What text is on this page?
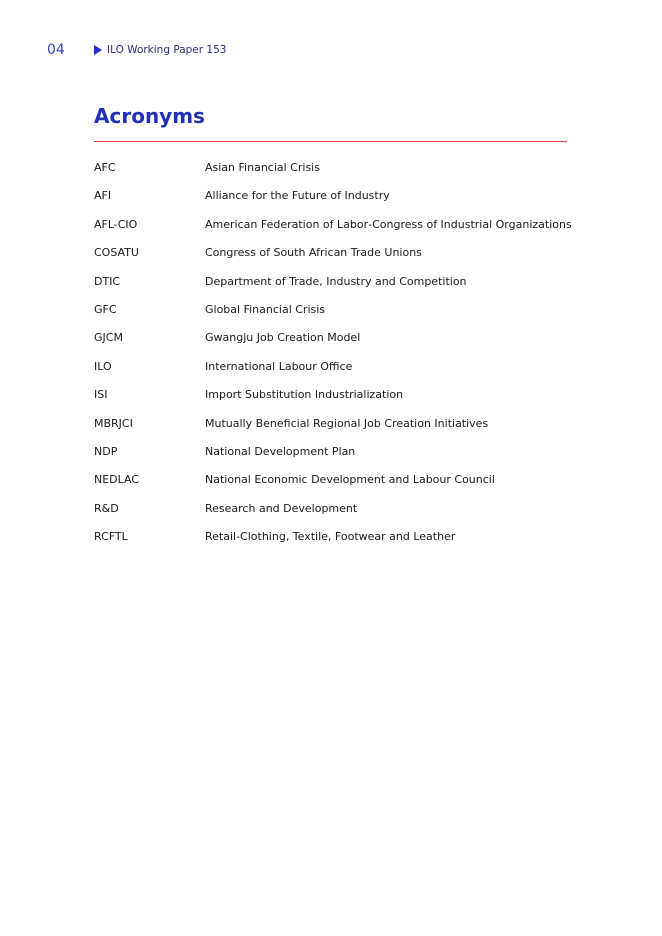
04	ILO Working Paper 153
Acronyms
AFC	Asian Financial Crisis
AFI	Alliance for the Future of Industry
AFL-CIO	American Federation of Labor‐Congress of Industrial Organizations
COSATU	Congress of South African Trade Unions
DTIC	Department of Trade, Industry and Competition
GFC	Global Financial Crisis
GJCM	Gwangju Job Creation Model
ILO	International Labour Office
ISI	Import Substitution Industrialization
MBRJCI	Mutually Beneficial Regional Job Creation Initiatives
NDP	National Development Plan
NEDLAC	National Economic Development and Labour Council
R&D	Research and Development
RCFTL	Retail-Clothing, Textile, Footwear and Leather
